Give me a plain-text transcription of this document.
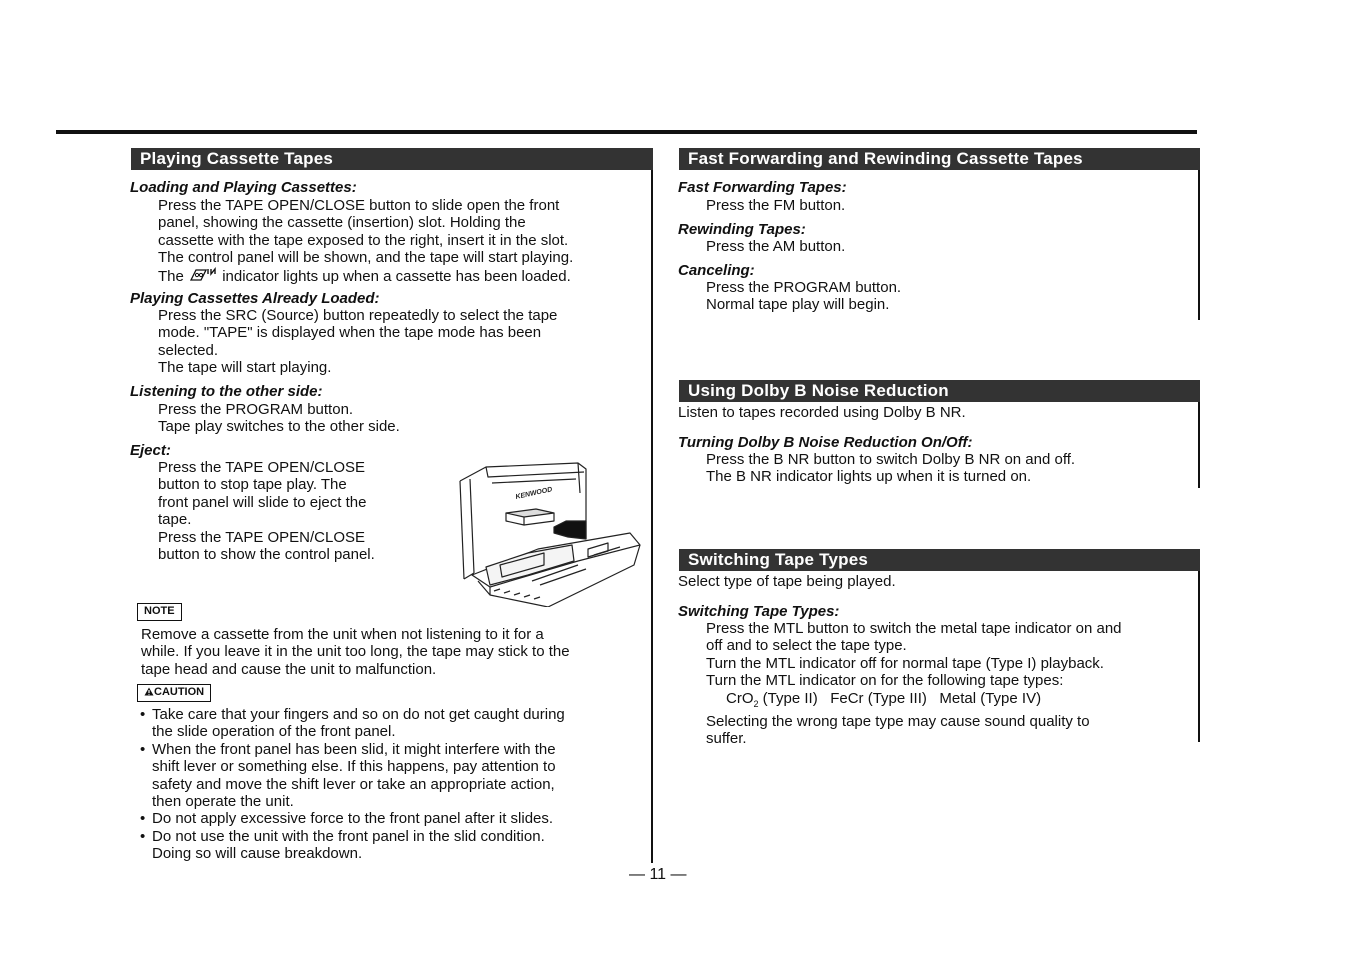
Playing Cassette Tapes
Loading and Playing Cassettes:
Press the TAPE OPEN/CLOSE button to slide open the front
panel, showing the cassette (insertion) slot. Holding the
cassette with the tape exposed to the right, insert it in the slot.
The control panel will be shown, and the tape will start playing.
The	indicator lights up when a cassette has been loaded.
Playing Cassettes Already Loaded:
Press the SRC (Source) button repeatedly to select the tape
mode. "TAPE" is displayed when the tape mode has been
selected.
The tape will start playing.
Listening to the other side:
Press the PROGRAM button.
Tape play switches to the other side.
Eject:
Press the TAPE OPEN/CLOSE
button to stop tape play. The
front panel will slide to eject the
tape.
Press the TAPE OPEN/CLOSE
button to show the control panel.
KENWOOD
NOTE
Remove a cassette from the unit when not listening to it for a
while. If you leave it in the unit too long, the tape may stick to the
tape head and cause the unit to malfunction.
CAUTION
• Take care that your fingers and so on do not get caught during
the slide operation of the front panel.
• When the front panel has been slid, it might interfere with the
shift lever or something else. If this happens, pay attention to
safety and move the shift lever or take an appropriate action,
then operate the unit.
• Do not apply excessive force to the front panel after it slides.
• Do not use the unit with the front panel in the slid condition.
Doing so will cause breakdown.
— 11 —
Fast Forwarding and Rewinding Cassette Tapes
Fast Forwarding Tapes:
Press the FM button.
Rewinding Tapes:
Press the AM button.
Canceling:
Press the PROGRAM button.
Normal tape play will begin.
Using Dolby B Noise Reduction
Listen to tapes recorded using Dolby B NR.
Turning Dolby B Noise Reduction On/Off:
Press the B NR button to switch Dolby B NR on and off.
The B NR indicator lights up when it is turned on.
Switching Tape Types
Select type of tape being played.
Switching Tape Types:
Press the MTL button to switch the metal tape indicator on and
off and to select the tape type.
Turn the MTL indicator off for normal tape (Type I) playback.
Turn the MTL indicator on for the following tape types:
CrO$_2$ (Type II)   FeCr (Type III)   Metal (Type IV)
Selecting the wrong tape type may cause sound quality to
suffer.
